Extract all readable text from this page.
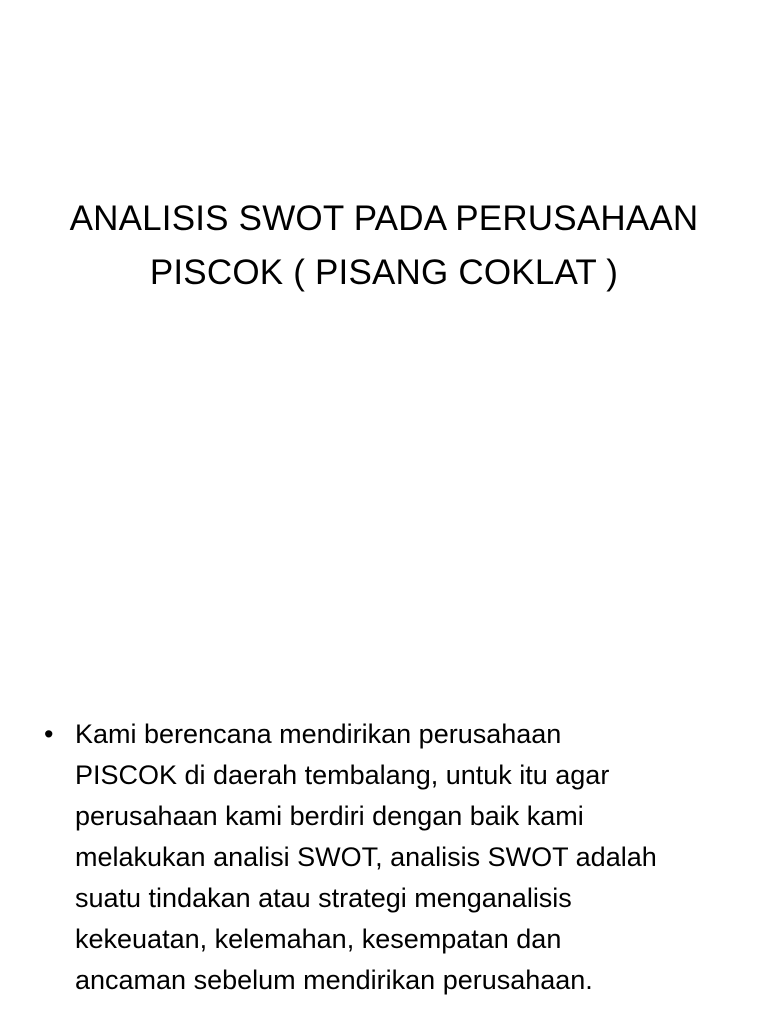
ANALISIS SWOT PADA PERUSAHAAN
PISCOK ( PISANG COKLAT )
• Kami berencana mendirikan perusahaan
PISCOK di daerah tembalang, untuk itu agar
perusahaan kami berdiri dengan baik kami
melakukan analisi SWOT, analisis SWOT adalah
suatu tindakan atau strategi menganalisis
kekeuatan, kelemahan, kesempatan dan
ancaman sebelum mendirikan perusahaan.
